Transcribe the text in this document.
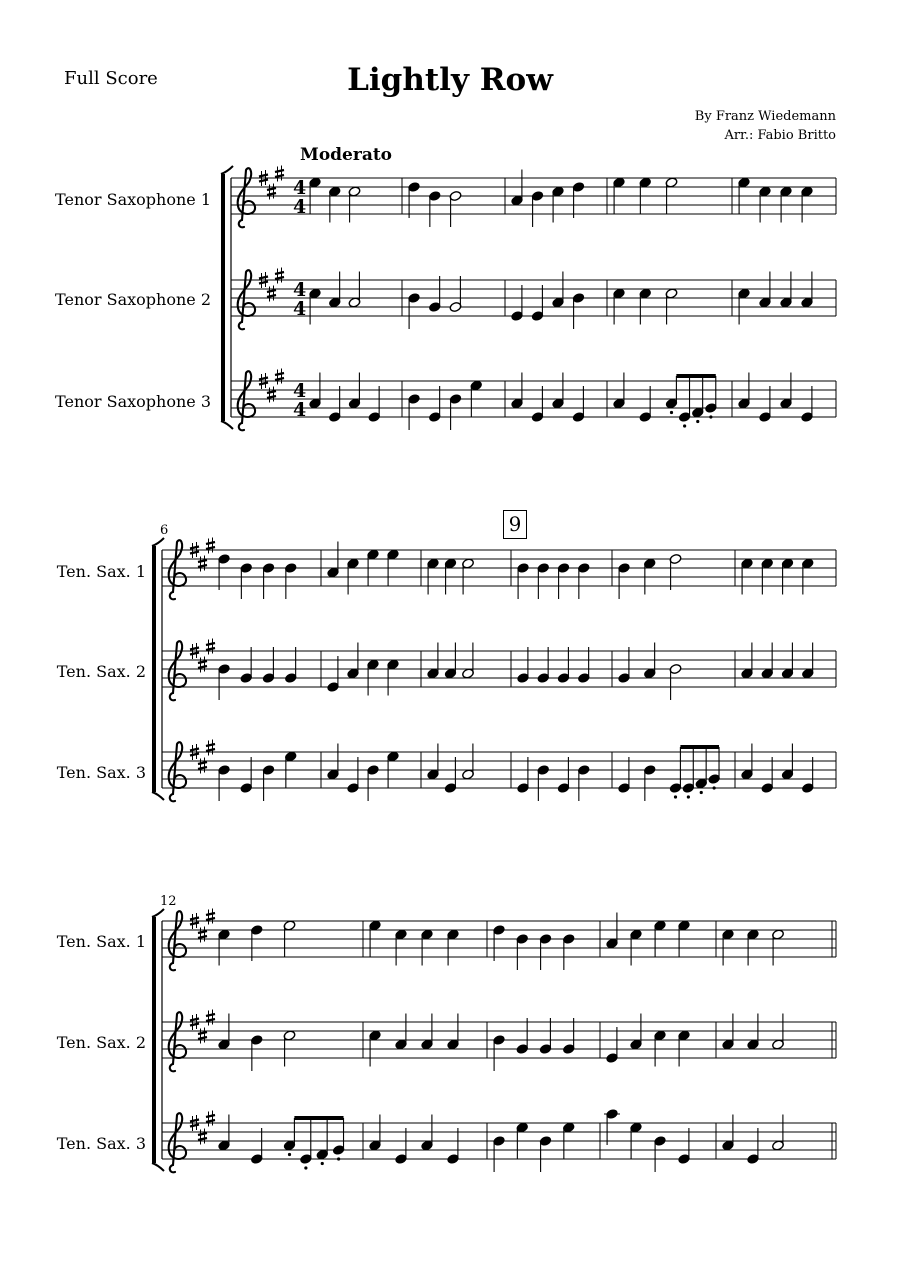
Full Score	Lightly Row
By Franz Wiedemann
Arr.: Fabio Britto
Moderato
9
Tenor Saxophone 1
Tenor Saxophone 2
Tenor Saxophone 3
Ten. Sax. 1
Ten. Sax. 2
Ten. Sax. 3
6
Ten. Sax. 1
Ten. Sax. 2
Ten. Sax. 3
12
4
4
4
4
4
4
